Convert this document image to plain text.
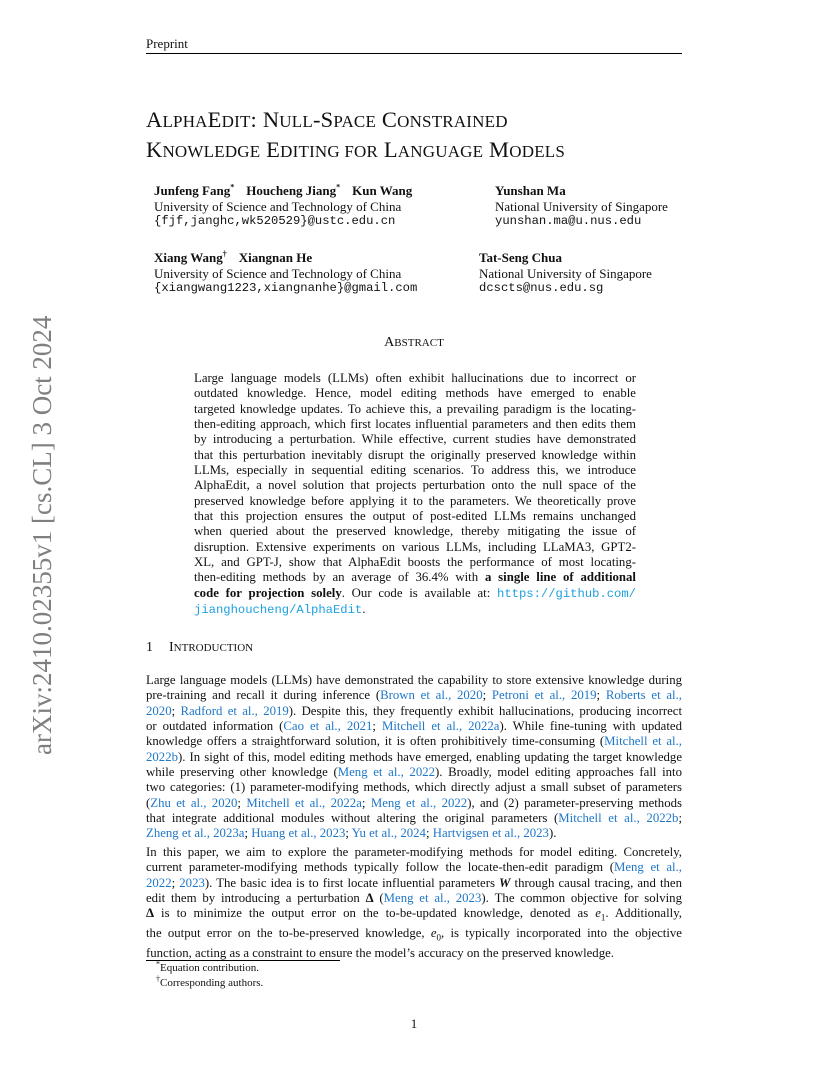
Preprint
ALPHAEDIT: NULL-SPACE CONSTRAINED
KNOWLEDGE EDITING FOR LANGUAGE MODELS
Junfeng Fang* Houcheng Jiang* Kun Wang
University of Science and Technology of China
{fjf,janghc,wk520529}@ustc.edu.cn
Yunshan Ma
National University of Singapore
yunshan.ma@u.nus.edu
Xiang Wang† Xiangnan He
University of Science and Technology of China
{xiangwang1223,xiangnanhe}@gmail.com
Tat-Seng Chua
National University of Singapore
dcscts@nus.edu.sg
arXiv:2410.02355v1 [cs.CL] 3 Oct 2024	ABSTRACT
Large language models (LLMs) often exhibit hallucinations due to incorrect or
outdated knowledge. Hence, model editing methods have emerged to enable
targeted knowledge updates. To achieve this, a prevailing paradigm is the locating-
then-editing approach, which first locates influential parameters and then edits them
by introducing a perturbation. While effective, current studies have demonstrated
that this perturbation inevitably disrupt the originally preserved knowledge within
LLMs, especially in sequential editing scenarios. To address this, we introduce
AlphaEdit, a novel solution that projects perturbation onto the null space of the
preserved knowledge before applying it to the parameters. We theoretically prove
that this projection ensures the output of post-edited LLMs remains unchanged
when queried about the preserved knowledge, thereby mitigating the issue of
disruption. Extensive experiments on various LLMs, including LLaMA3, GPT2-
XL, and GPT-J, show that AlphaEdit boosts the performance of most locating-
then-editing methods by an average of 36.4% with a single line of additional
code for projection solely. Our code is available at: https://github.com/
jianghoucheng/AlphaEdit.
1 INTRODUCTION
Large language models (LLMs) have demonstrated the capability to store extensive knowledge during
pre-training and recall it during inference (Brown et al., 2020; Petroni et al., 2019; Roberts et al.,
2020; Radford et al., 2019). Despite this, they frequently exhibit hallucinations, producing incorrect
or outdated information (Cao et al., 2021; Mitchell et al., 2022a). While fine-tuning with updated
knowledge offers a straightforward solution, it is often prohibitively time-consuming (Mitchell et al.,
2022b). In sight of this, model editing methods have emerged, enabling updating the target knowledge
while preserving other knowledge (Meng et al., 2022). Broadly, model editing approaches fall into
two categories: (1) parameter-modifying methods, which directly adjust a small subset of parameters
(Zhu et al., 2020; Mitchell et al., 2022a; Meng et al., 2022), and (2) parameter-preserving methods
that integrate additional modules without altering the original parameters (Mitchell et al., 2022b;
Zheng et al., 2023a; Huang et al., 2023; Yu et al., 2024; Hartvigsen et al., 2023).
In this paper, we aim to explore the parameter-modifying methods for model editing. Concretely,
current parameter-modifying methods typically follow the locate-then-edit paradigm (Meng et al.,
2022; 2023). The basic idea is to first locate influential parameters W through causal tracing, and then
edit them by introducing a perturbation Δ (Meng et al., 2023). The common objective for solving
Δ is to minimize the output error on the to-be-updated knowledge, denoted as $e_1$. Additionally,
the output error on the to-be-preserved knowledge, $e_0$, is typically incorporated into the objective
function, acting as a constraint to ensure the model’s accuracy on the preserved knowledge.
*Equation contribution.
†Corresponding authors.
1
